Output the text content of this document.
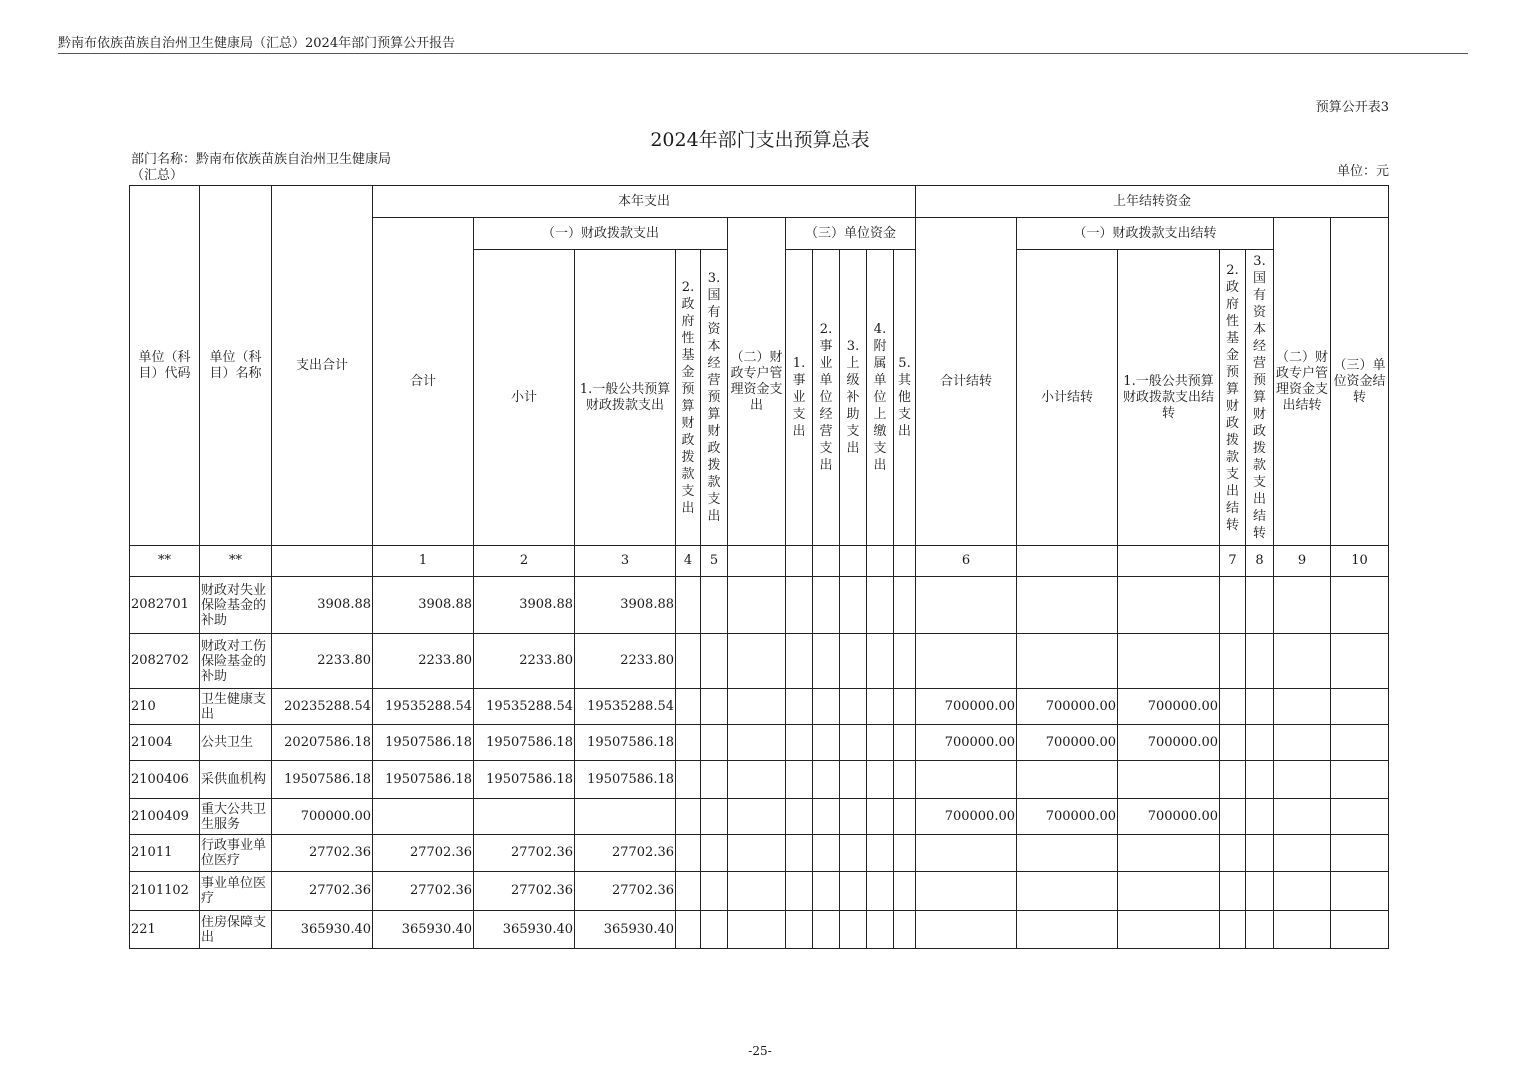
黔南布依族苗族自治州卫生健康局（汇总）2024年部门预算公开报告
预算公开表3
2024年部门支出预算总表
部门名称：黔南布依族苗族自治州卫生健康局（汇总）	单位：元
单位（科目）代码	单位（科目）名称	支出合计	本年支出											上年结转资金						
			合计	（一）财政拨款支出				（二）财政专户管理资金支出	（三）单位资金					合计结转	（一）财政拨款支出结转				（二）财政专户管理资金支出结转	（三）单位资金结转
				小计	1.一般公共预算财政拨款支出	2.政府性基金预算财政拨款支出	3.国有资本经营预算财政拨款支出		1.事业支出	2.事业单位经营支出	3.上级补助支出	4.附属单位上缴支出	5.其他支出		小计结转	1.一般公共预算财政拨款支出结转	2.政府性基金预算财政拨款支出结转	3.国有资本经营预算财政拨款支出结转		
**	**		1	2	3	4	5							6			7	8	9	10
2082701	财政对失业保险基金的补助	3908.88	3908.88	3908.88	3908.88															
2082702	财政对工伤保险基金的补助	2233.80	2233.80	2233.80	2233.80															
210	卫生健康支出	20235288.54	19535288.54	19535288.54	19535288.54									700000.00	700000.00	700000.00				
21004	公共卫生	20207586.18	19507586.18	19507586.18	19507586.18									700000.00	700000.00	700000.00				
2100406	采供血机构	19507586.18	19507586.18	19507586.18	19507586.18															
2100409	重大公共卫生服务	700000.00												700000.00	700000.00	700000.00				
21011	行政事业单位医疗	27702.36	27702.36	27702.36	27702.36															
2101102	事业单位医疗	27702.36	27702.36	27702.36	27702.36															
221	住房保障支出	365930.40	365930.40	365930.40	365930.40															
-25-
